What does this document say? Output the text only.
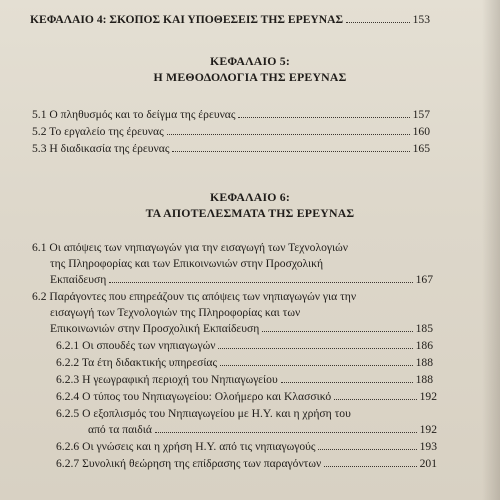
ΚΕΦΑΛΑΙΟ 4: ΣΚΟΠΟΣ ΚΑΙ ΥΠΟΘΕΣΕΙΣ ΤΗΣ ΕΡΕΥΝΑΣ	153
ΚΕΦΑΛΑΙΟ 5:
Η ΜΕΘΟΔΟΛΟΓΙΑ ΤΗΣ ΕΡΕΥΝΑΣ
5.1 Ο πληθυσμός και το δείγμα της έρευνας	157
5.2 Το εργαλείο της έρευνας	160
5.3 Η διαδικασία της έρευνας	165
ΚΕΦΑΛΑΙΟ 6:
ΤΑ ΑΠΟΤΕΛΕΣΜΑΤΑ ΤΗΣ ΕΡΕΥΝΑΣ
6.1 Οι απόψεις των νηπιαγωγών για την εισαγωγή των Τεχνολογιών
της Πληροφορίας και των Επικοινωνιών στην Προσχολική
Εκπαίδευση	167
6.2 Παράγοντες που επηρεάζουν τις απόψεις των νηπιαγωγών για την
εισαγωγή των Τεχνολογιών της Πληροφορίας και των
Επικοινωνιών στην Προσχολική Εκπαίδευση	185
6.2.1 Οι σπουδές των νηπιαγωγών	186
6.2.2 Τα έτη διδακτικής υπηρεσίας	188
6.2.3 Η γεωγραφική περιοχή του Νηπιαγωγείου	188
6.2.4 Ο τύπος του Νηπιαγωγείου: Ολοήμερο και Κλασσικό	192
6.2.5 Ο εξοπλισμός του Νηπιαγωγείου με Η.Υ. και η χρήση του
από τα παιδιά	192
6.2.6 Οι γνώσεις και η χρήση Η.Υ. από τις νηπιαγωγούς	193
6.2.7 Συνολική θεώρηση της επίδρασης των παραγόντων	201
